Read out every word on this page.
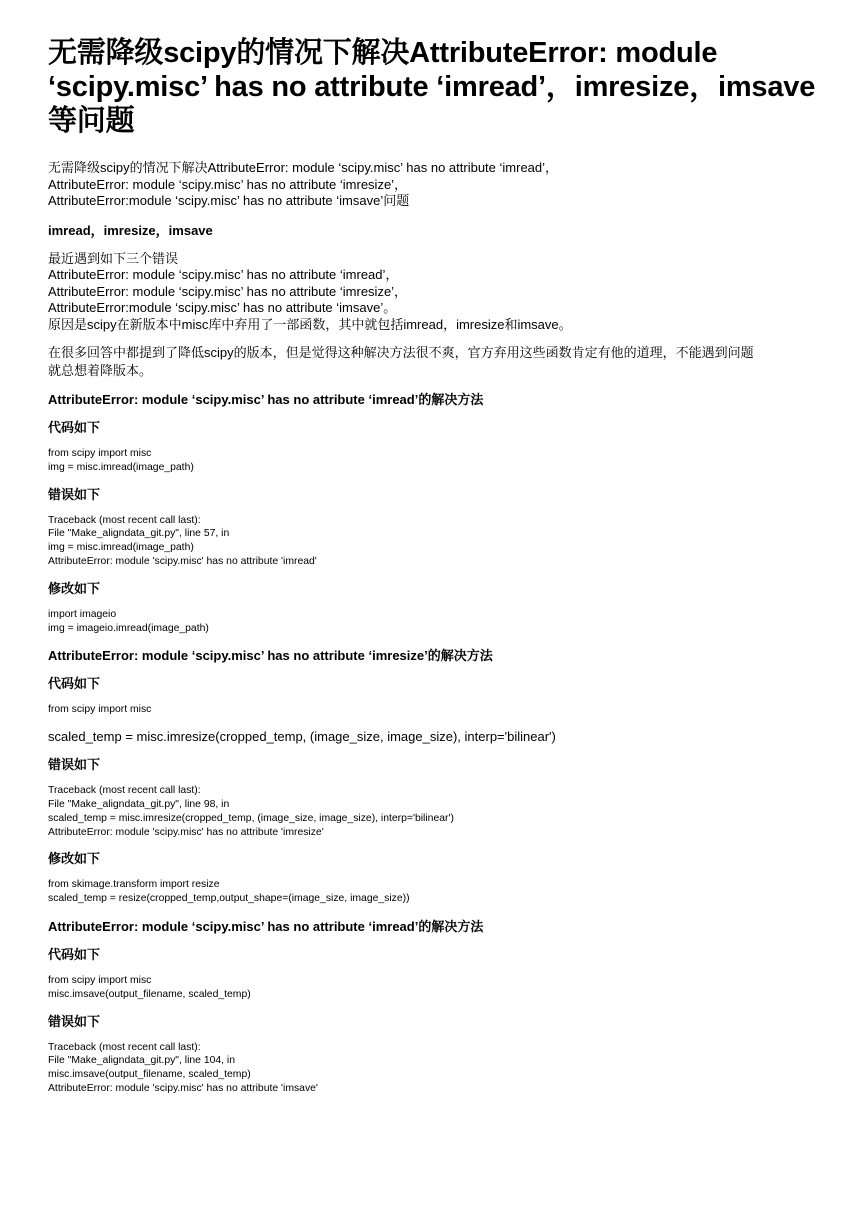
无需降级scipy的情况下解决AttributeError: module ‘scipy.misc’ has no attribute ‘imread’，imresize，imsave等问题
无需降级scipy的情况下解决AttributeError: module ‘scipy.misc’ has no attribute ‘imread’，
AttributeError: module ‘scipy.misc’ has no attribute ‘imresize’，
AttributeError:module ‘scipy.misc’ has no attribute ‘imsave’问题
imread，imresize，imsave
最近遇到如下三个错误
AttributeError: module ‘scipy.misc’ has no attribute ‘imread’，
AttributeError: module ‘scipy.misc’ has no attribute ‘imresize’，
AttributeError:module ‘scipy.misc’ has no attribute ‘imsave’。
原因是scipy在新版本中misc库中弃用了一部函数，其中就包括imread，imresize和imsave。
在很多回答中都提到了降低scipy的版本，但是觉得这种解决方法很不爽，官方弃用这些函数肯定有他的道理，不能遇到问题
就总想着降版本。
AttributeError: module ‘scipy.misc’ has no attribute ‘imread’的解决方法
代码如下
from scipy import misc
img = misc.imread(image_path)
错误如下
Traceback (most recent call last):
File "Make_aligndata_git.py", line 57, in
img = misc.imread(image_path)
AttributeError: module 'scipy.misc' has no attribute 'imread'
修改如下
import imageio
img = imageio.imread(image_path)
AttributeError: module ‘scipy.misc’ has no attribute ‘imresize’的解决方法
代码如下
from scipy import misc
scaled_temp = misc.imresize(cropped_temp, (image_size, image_size), interp='bilinear')
错误如下
Traceback (most recent call last):
File "Make_aligndata_git.py", line 98, in
scaled_temp = misc.imresize(cropped_temp, (image_size, image_size), interp='bilinear')
AttributeError: module 'scipy.misc' has no attribute 'imresize'
修改如下
from skimage.transform import resize
scaled_temp = resize(cropped_temp,output_shape=(image_size, image_size))
AttributeError: module ‘scipy.misc’ has no attribute ‘imread’的解决方法
代码如下
from scipy import misc
misc.imsave(output_filename, scaled_temp)
错误如下
Traceback (most recent call last):
File "Make_aligndata_git.py", line 104, in
misc.imsave(output_filename, scaled_temp)
AttributeError: module 'scipy.misc' has no attribute 'imsave'
